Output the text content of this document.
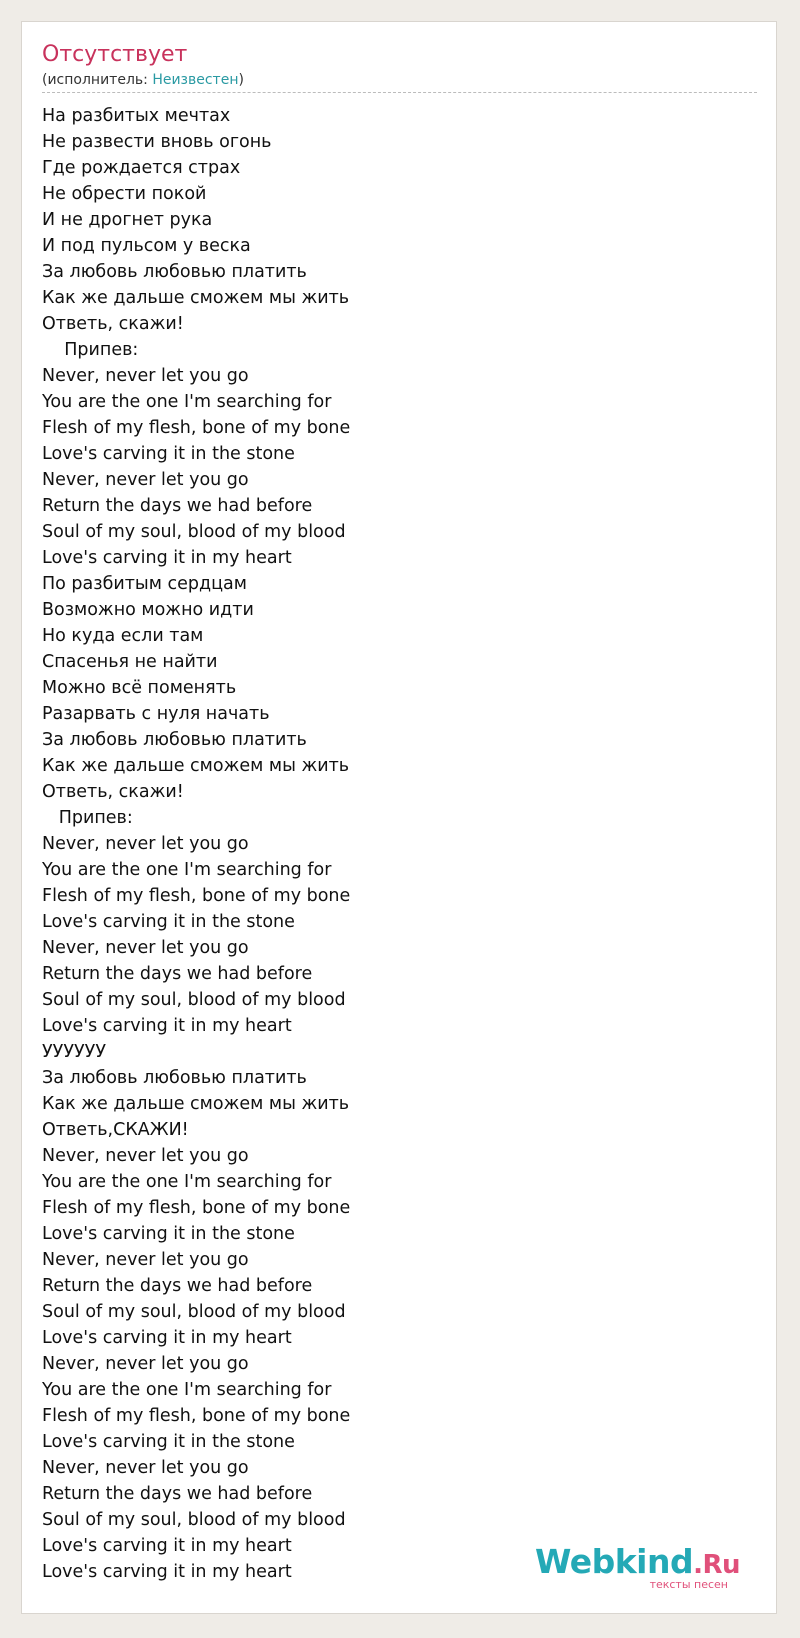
Отсутствует
(исполнитель: Неизвестен)
На разбитых мечтах
Не развести вновь огонь
Где рождается страх
Не обрести покой
И не дрогнет рука
И под пульсом у веска
За любовь любовью платить
Как же дальше сможем мы жить
Ответь, скажи!
Припев:
Never, never let you go
You are the one I'm searching for
Flesh of my flesh, bone of my bone
Love's carving it in the stone
Never, never let you go
Return the days we had before
Soul of my soul, blood of my blood
Love's carving it in my heart
По разбитым сердцам
Возможно можно идти
Но куда если там
Спасенья не найти
Можно всё поменять
Разарвать с нуля начать
За любовь любовью платить
Как же дальше сможем мы жить
Ответь, скажи!
Припев:
Never, never let you go
You are the one I'm searching for
Flesh of my flesh, bone of my bone
Love's carving it in the stone
Never, never let you go
Return the days we had before
Soul of my soul, blood of my blood
Love's carving it in my heart
УУУУУУ
За любовь любовью платить
Как же дальше сможем мы жить
Ответь,СКАЖИ!
Never, never let you go
You are the one I'm searching for
Flesh of my flesh, bone of my bone
Love's carving it in the stone
Never, never let you go
Return the days we had before
Soul of my soul, blood of my blood
Love's carving it in my heart
Never, never let you go
You are the one I'm searching for
Flesh of my flesh, bone of my bone
Love's carving it in the stone
Never, never let you go
Return the days we had before
Soul of my soul, blood of my blood
Love's carving it in my heart
Love's carving it in my heart	Webkind.Ru
тексты песен
